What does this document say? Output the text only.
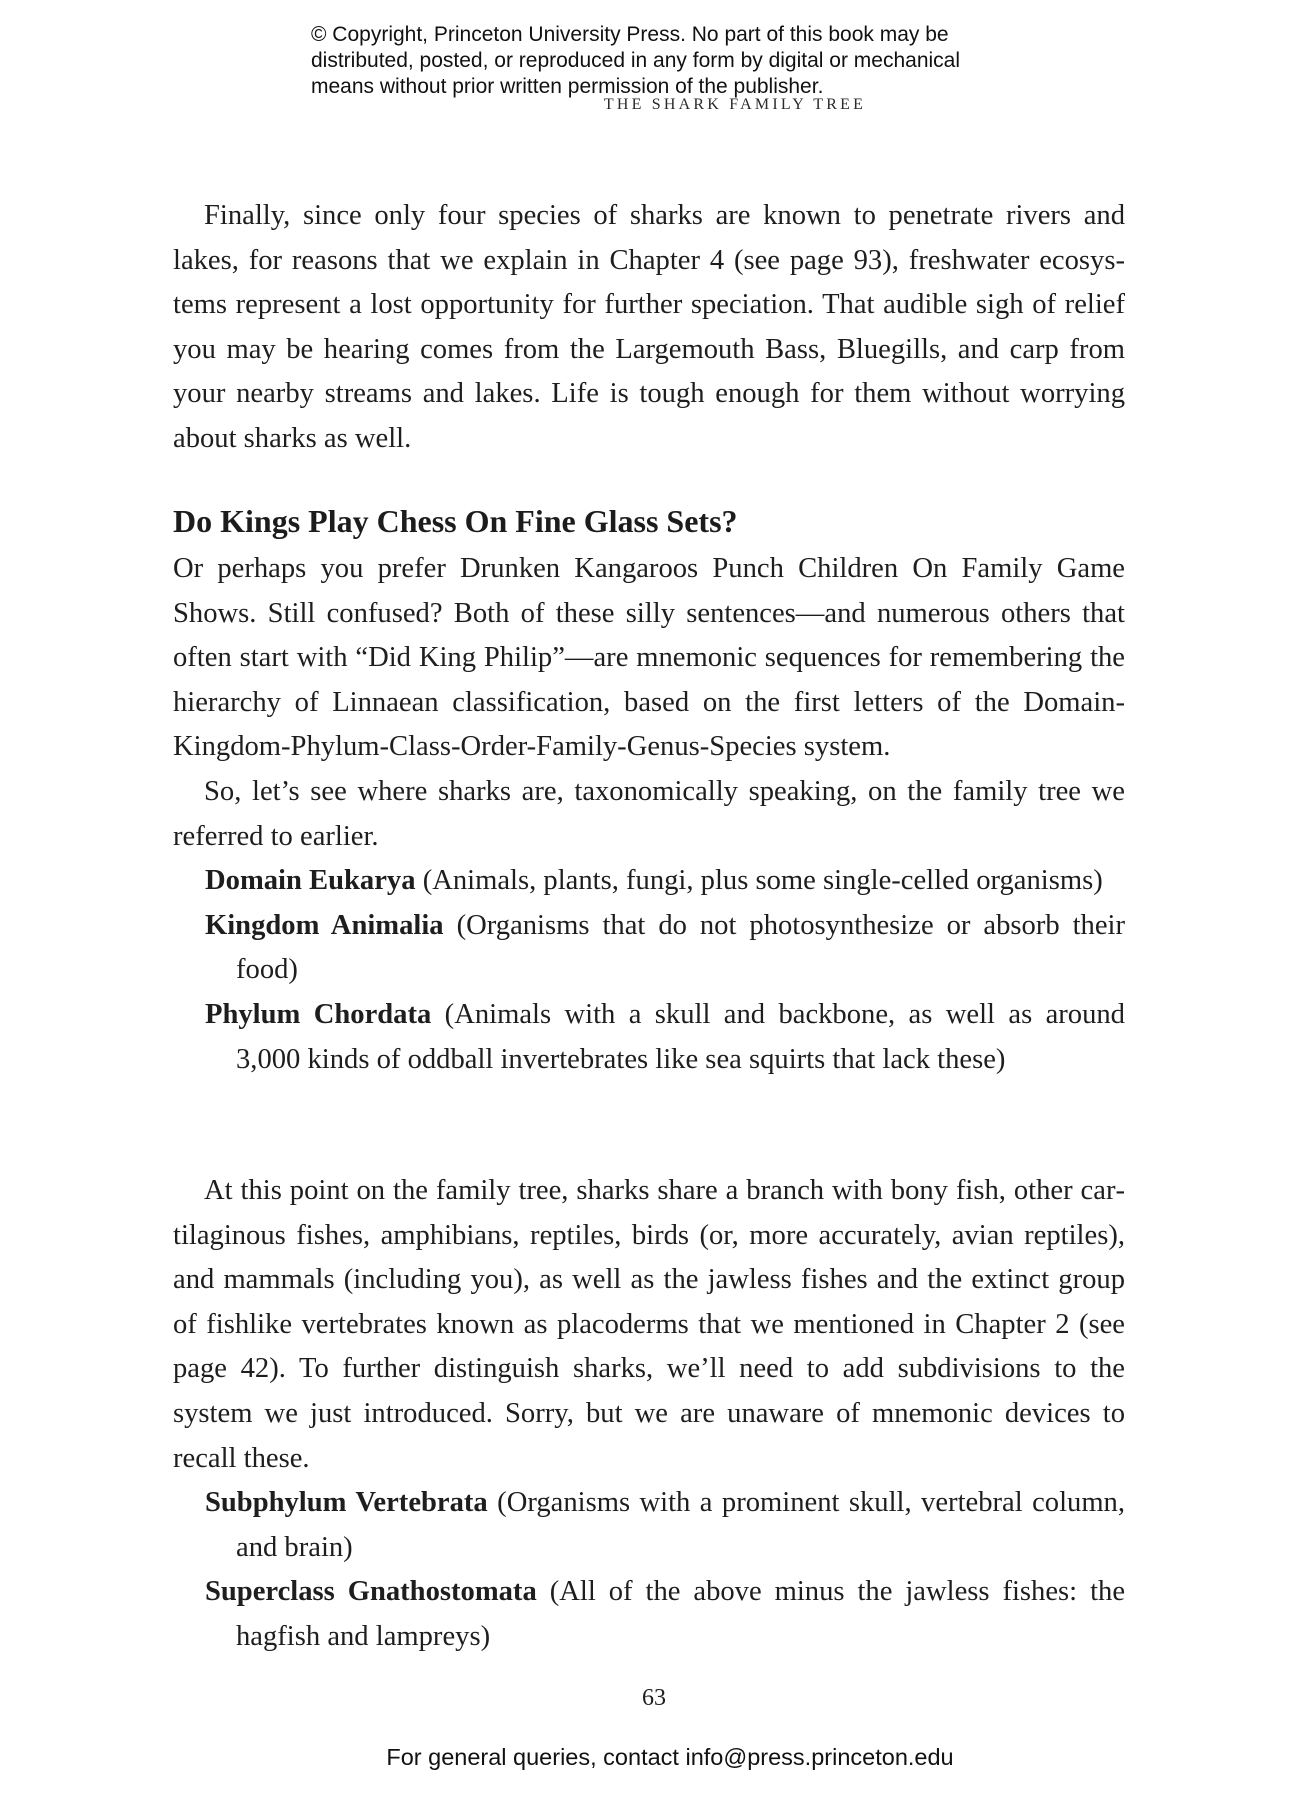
© Copyright, Princeton University Press. No part of this book may be
distributed, posted, or reproduced in any form by digital or mechanical
means without prior written permission of the publisher.
THE SHARK FAMILY TREE

Finally, since only four species of sharks are known to penetrate rivers and lakes, for reasons that we explain in Chapter 4 (see page 93), freshwater ecosystems represent a lost opportunity for further speciation. That audible sigh of relief you may be hearing comes from the Largemouth Bass, Bluegills, and carp from your nearby streams and lakes. Life is tough enough for them without worrying about sharks as well.

Do Kings Play Chess On Fine Glass Sets?

Or perhaps you prefer Drunken Kangaroos Punch Children On Family Game Shows. Still confused? Both of these silly sentences—and numerous others that often start with “Did King Philip”—are mnemonic sequences for remembering the hierarchy of Linnaean classification, based on the first letters of the Domain-Kingdom-Phylum-Class-Order-Family-Genus-Species system.

So, let’s see where sharks are, taxonomically speaking, on the family tree we referred to earlier.

Domain Eukarya (Animals, plants, fungi, plus some single-celled organisms)

Kingdom Animalia (Organisms that do not photosynthesize or absorb their food)

Phylum Chordata (Animals with a skull and backbone, as well as around 3,000 kinds of oddball invertebrates like sea squirts that lack these)

At this point on the family tree, sharks share a branch with bony fish, other cartilaginous fishes, amphibians, reptiles, birds (or, more accurately, avian reptiles), and mammals (including you), as well as the jawless fishes and the extinct group of fishlike vertebrates known as placoderms that we mentioned in Chapter 2 (see page 42). To further distinguish sharks, we’ll need to add subdivisions to the system we just introduced. Sorry, but we are unaware of mnemonic devices to recall these.

Subphylum Vertebrata (Organisms with a prominent skull, vertebral column, and brain)

Superclass Gnathostomata (All of the above minus the jawless fishes: the hagfish and lampreys)

63
For general queries, contact info@press.princeton.edu
